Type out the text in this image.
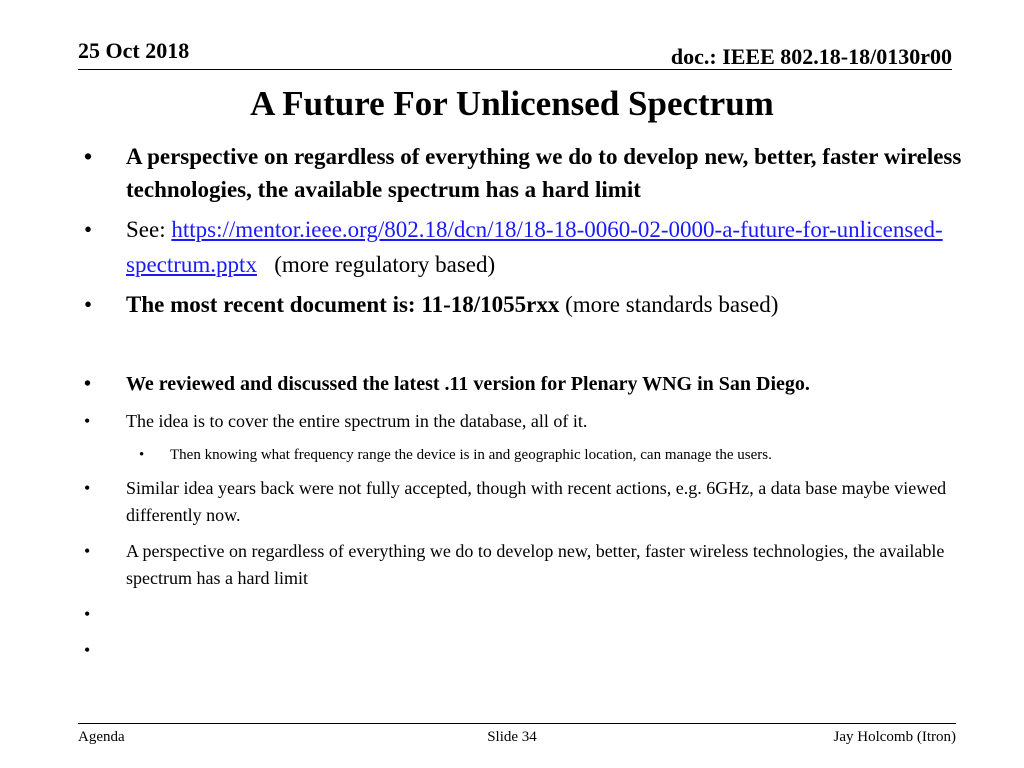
25 Oct 2018	doc.: IEEE 802.18-18/0130r00
A Future For Unlicensed Spectrum
• A perspective on regardless of everything we do to develop new, better, faster wireless technologies, the available spectrum has a hard limit
• See: https://mentor.ieee.org/802.18/dcn/18/18-18-0060-02-0000-a-future-for-unlicensed-spectrum.pptx   (more regulatory based)
• The most recent document is: 11-18/1055rxx (more standards based)
• We reviewed and discussed the latest .11 version for Plenary WNG in San Diego.
• The idea is to cover the entire spectrum in the database, all of it.
• Then knowing what frequency range the device is in and geographic location, can manage the users.
• Similar idea years back were not fully accepted, though with recent actions, e.g. 6GHz, a data base maybe viewed differently now.
• A perspective on regardless of everything we do to develop new, better, faster wireless technologies, the available spectrum has a hard limit
•
•
Agenda	Slide 34	Jay Holcomb (Itron)
